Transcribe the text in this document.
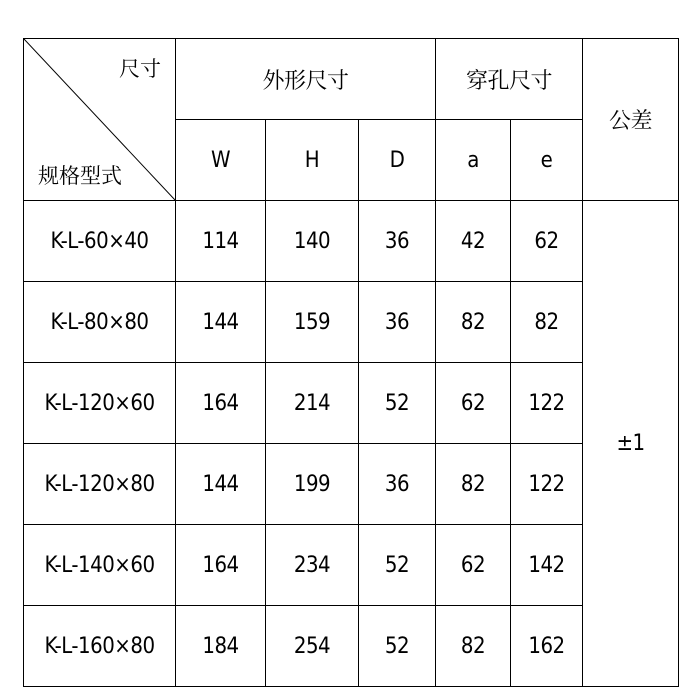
尺寸
规格型式	外形尺寸			穿孔尺寸		公差
	W	H	D	a	e	
K-L-60×40	114	140	36	42	62	±1
K-L-80×80	144	159	36	82	82	
K-L-120×60	164	214	52	62	122	
K-L-120×80	144	199	36	82	122	
K-L-140×60	164	234	52	62	142	
K-L-160×80	184	254	52	82	162	
